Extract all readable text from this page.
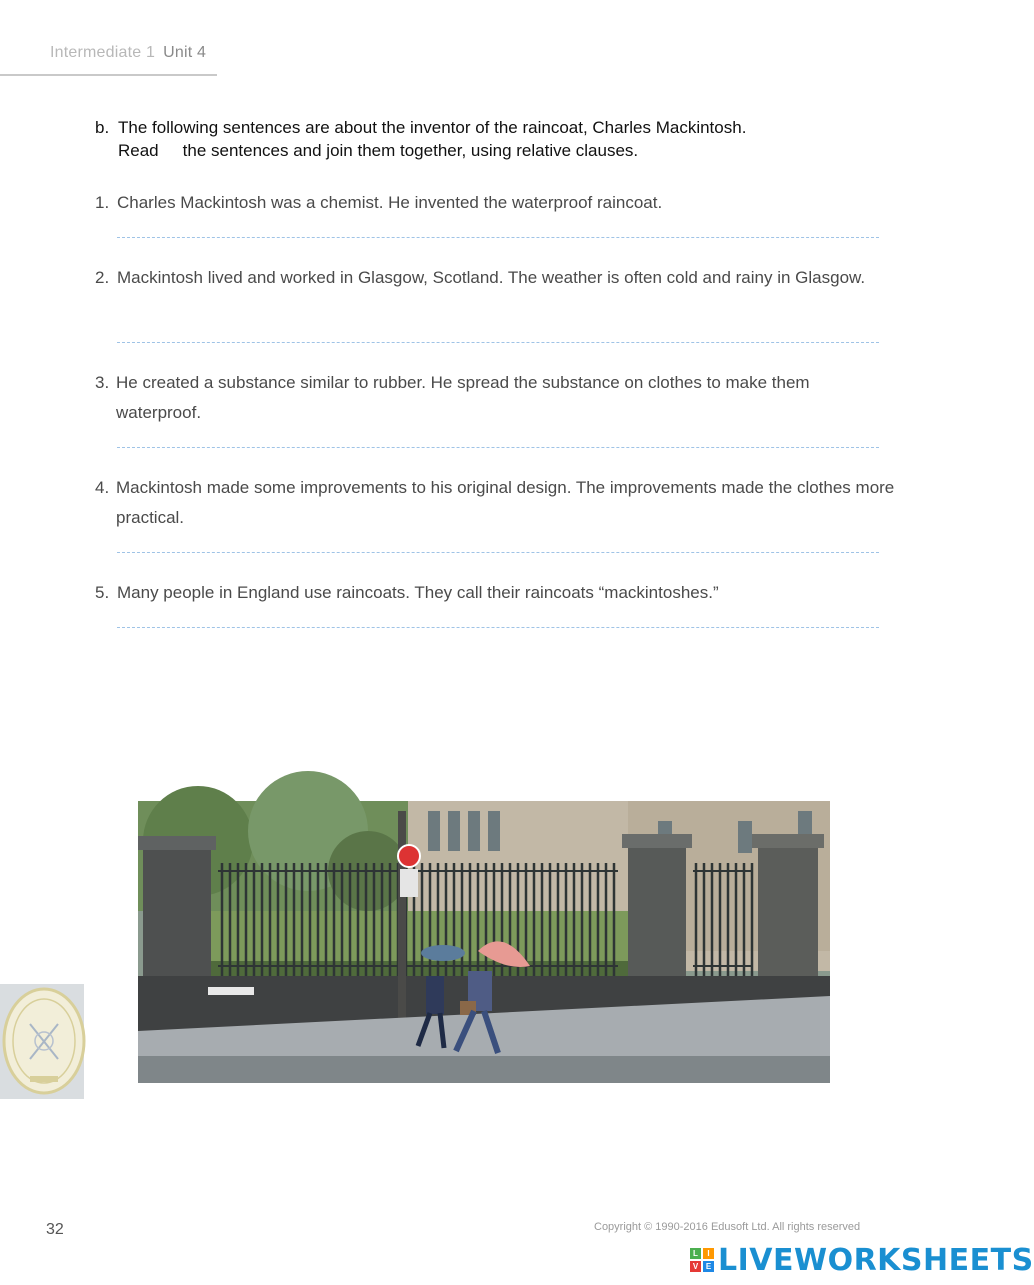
Intermediate 1 Unit 4
b. The following sentences are about the inventor of the raincoat, Charles Mackintosh.
Read the sentences and join them together, using relative clauses.
1. Charles Mackintosh was a chemist. He invented the waterproof raincoat.
2. Mackintosh lived and worked in Glasgow, Scotland. The weather is often cold and rainy in Glasgow.
3. He created a substance similar to rubber. He spread the substance on clothes to make them waterproof.
4. Mackintosh made some improvements to his original design. The improvements made the clothes more practical.
5. Many people in England use raincoats. They call their raincoats “mackintoshes.”
32	Copyright © 1990-2016 Edusoft Ltd. All rights reserved
L	I
V E LIVEWORKSHEETS
